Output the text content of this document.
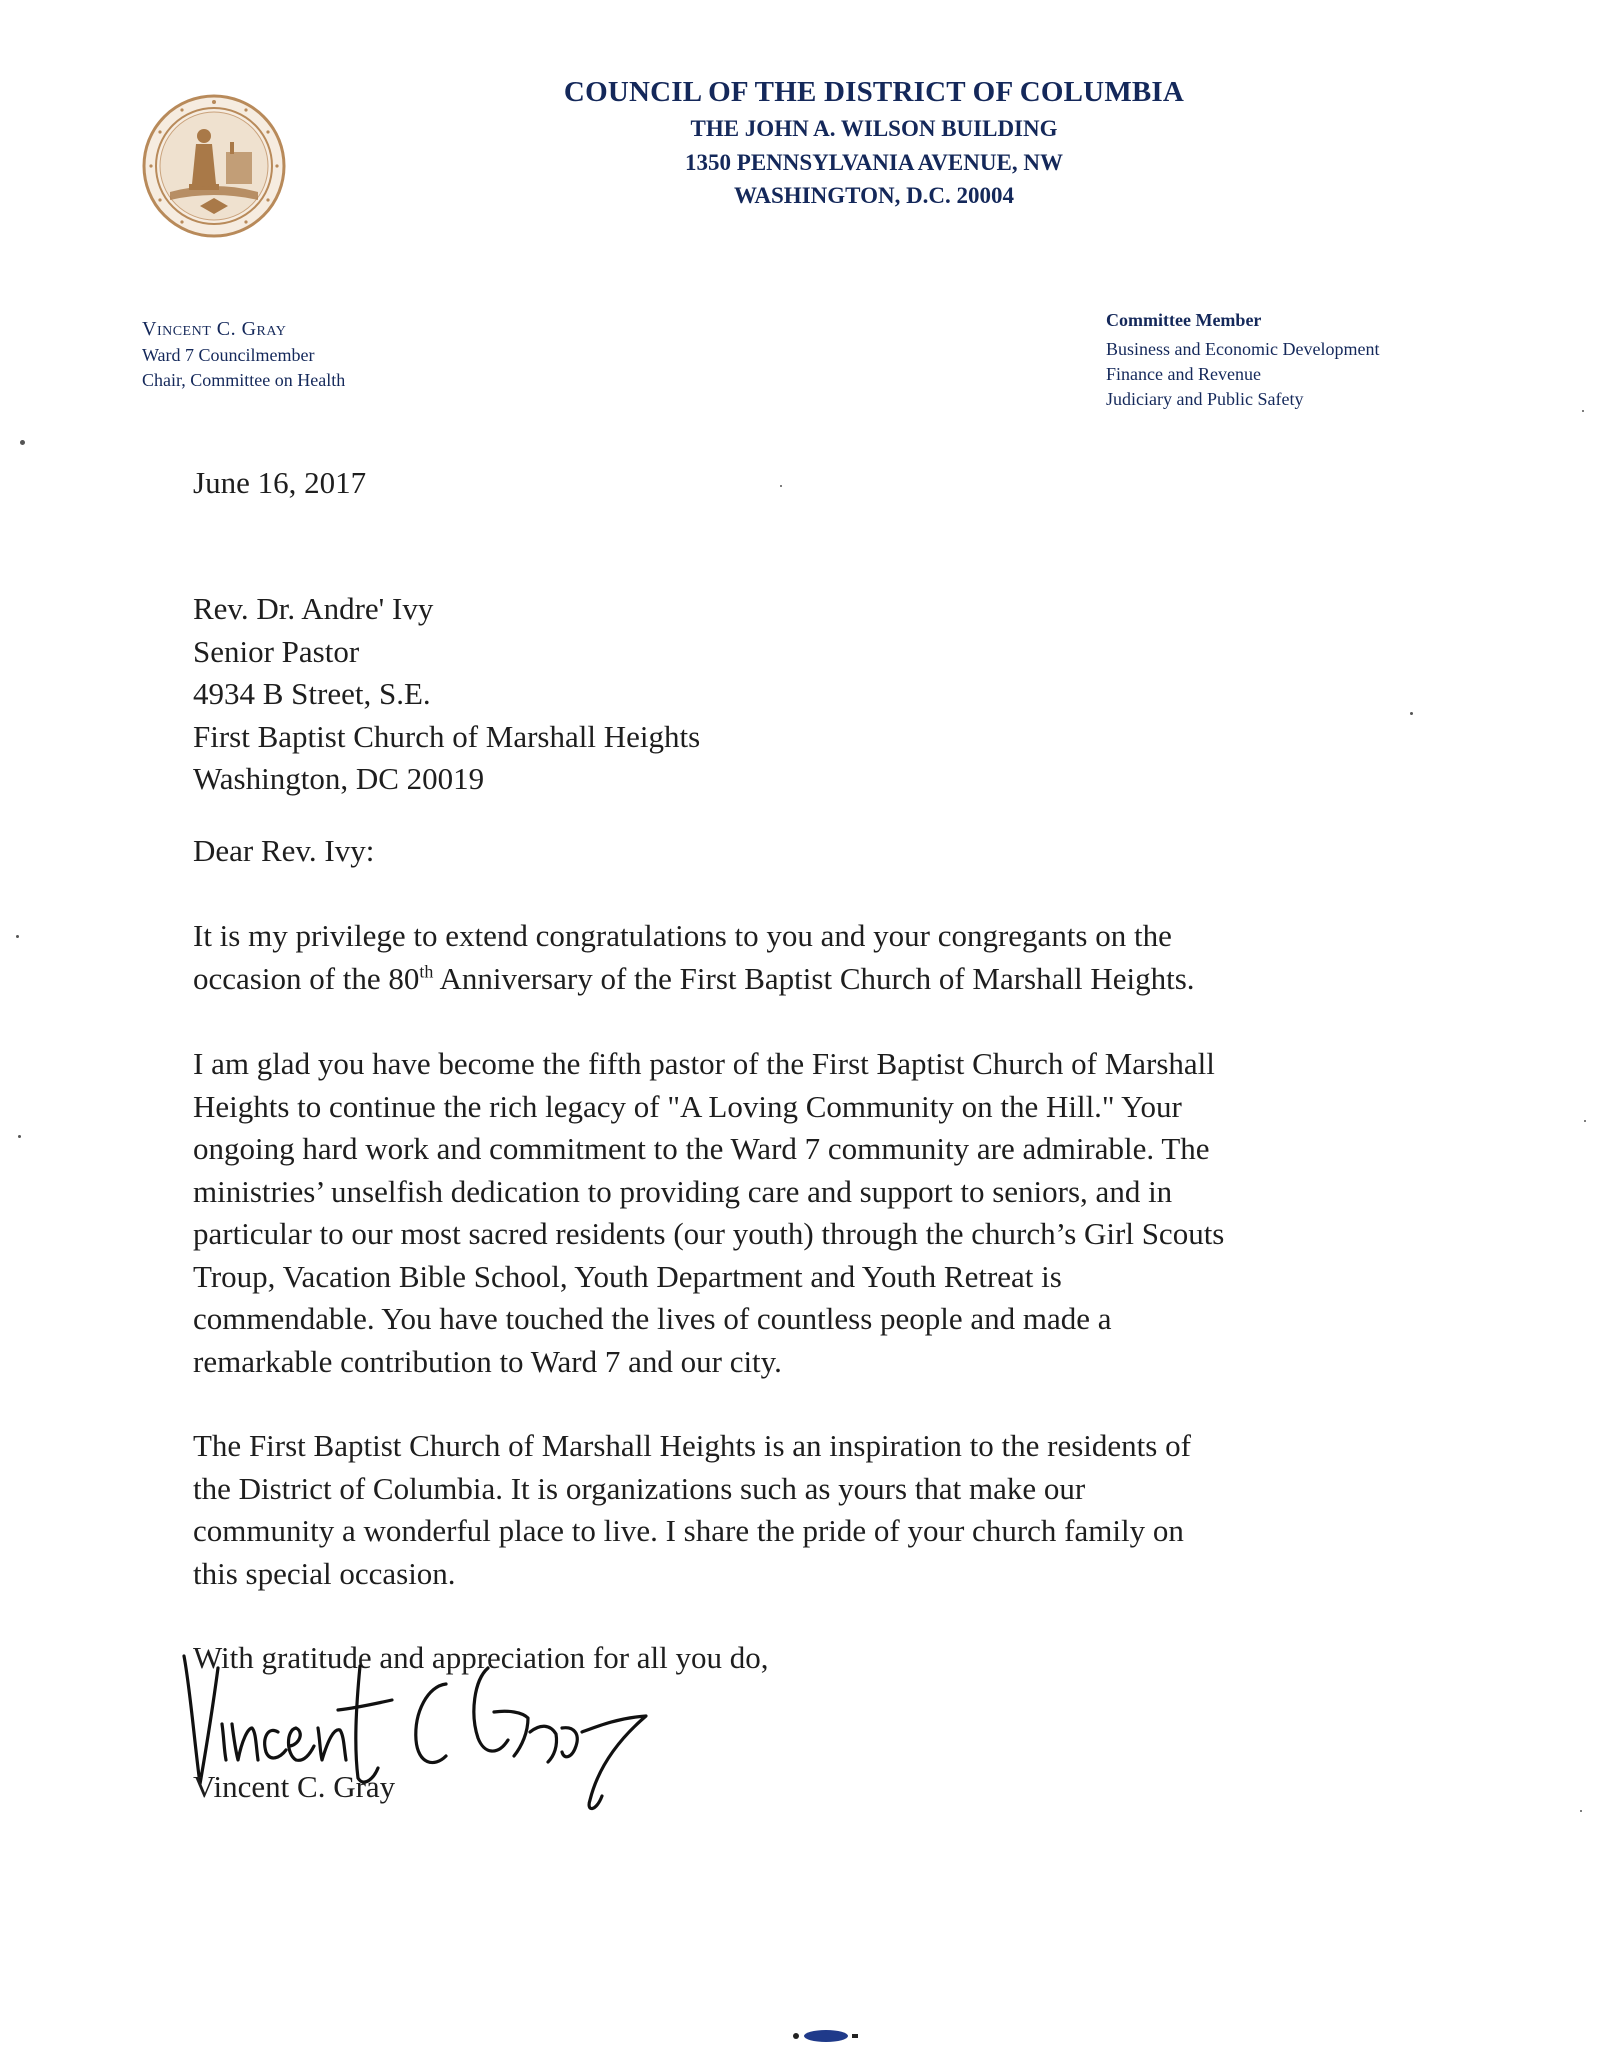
COUNCIL OF THE DISTRICT OF COLUMBIA

THE JOHN A. WILSON BUILDING

1350 PENNSYLVANIA AVENUE, NW

WASHINGTON, D.C. 20004

Vincent C. Gray
Ward 7 Councilmember
Chair, Committee on Health
Committee Member
Business and Economic Development
Finance and Revenue
Judiciary and Public Safety
June 16, 2017
Rev. Dr. Andre' Ivy
Senior Pastor
4934 B Street, S.E.
First Baptist Church of Marshall Heights
Washington, DC 20019
Dear Rev. Ivy:
It is my privilege to extend congratulations to you and your congregants on the
occasion of the 80th Anniversary of the First Baptist Church of Marshall Heights.
I am glad you have become the fifth pastor of the First Baptist Church of Marshall
Heights to continue the rich legacy of "A Loving Community on the Hill." Your
ongoing hard work and commitment to the Ward 7 community are admirable. The
ministries’ unselfish dedication to providing care and support to seniors, and in
particular to our most sacred residents (our youth) through the church’s Girl Scouts
Troup, Vacation Bible School, Youth Department and Youth Retreat is
commendable. You have touched the lives of countless people and made a
remarkable contribution to Ward 7 and our city.
The First Baptist Church of Marshall Heights is an inspiration to the residents of
the District of Columbia. It is organizations such as yours that make our
community a wonderful place to live. I share the pride of your church family on
this special occasion.
With gratitude and appreciation for all you do,
Vincent C. Gray
